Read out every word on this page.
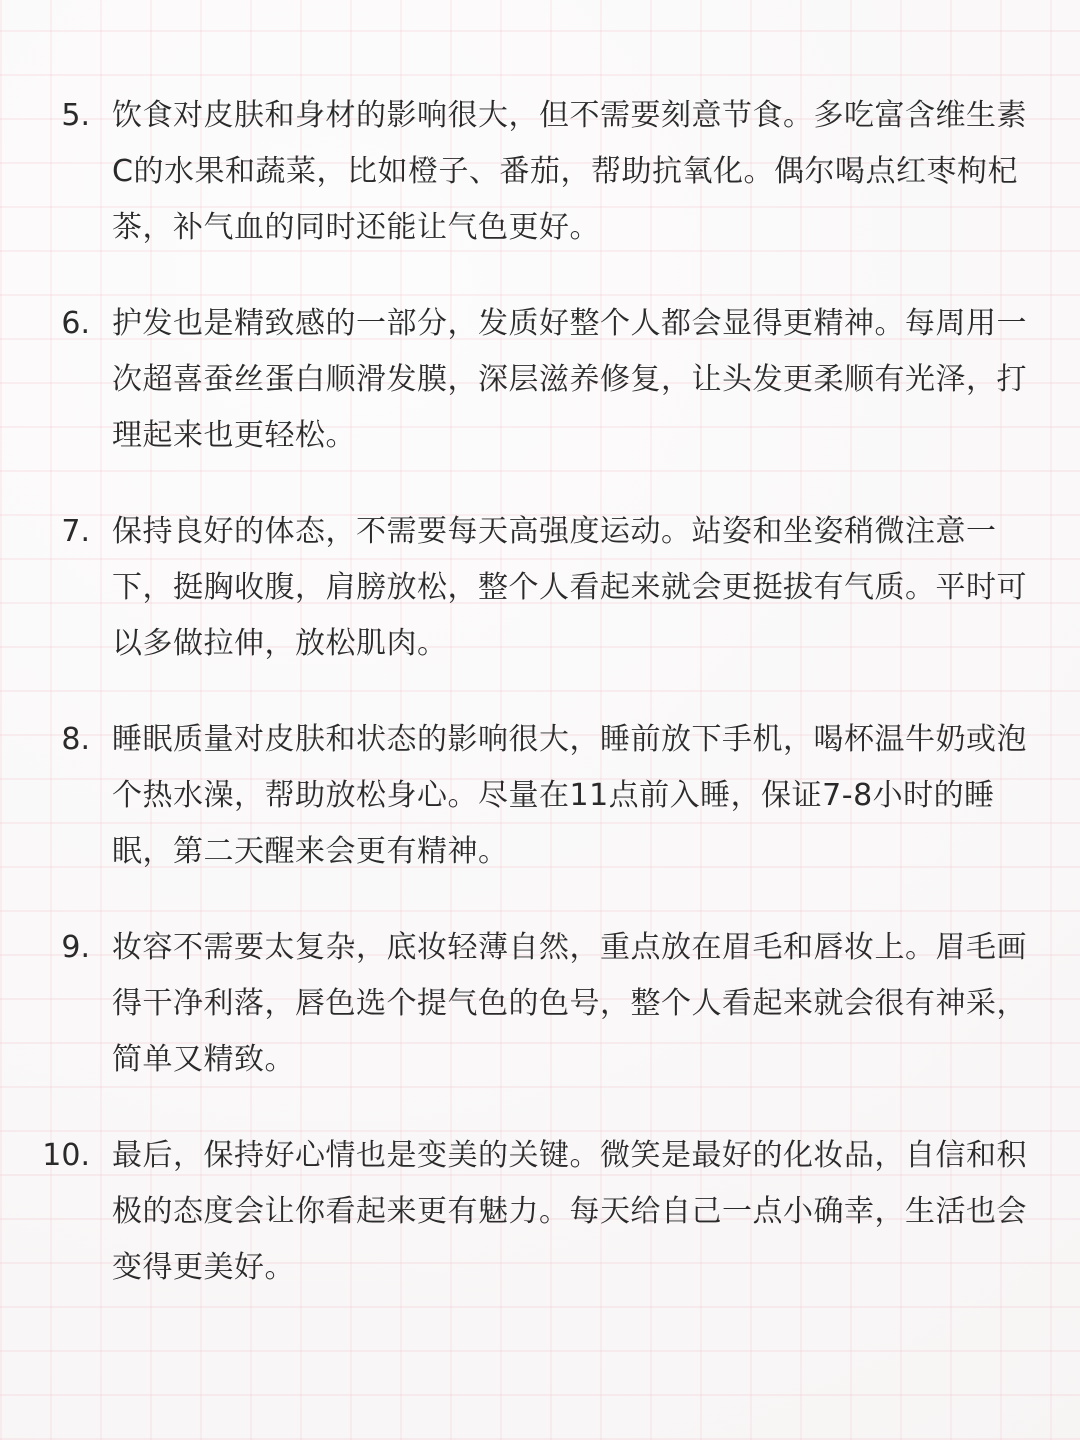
5. 饮食对皮肤和身材的影响很大，但不需要刻意节食。多吃富含维生素C的水果和蔬菜，比如橙子、番茄，帮助抗氧化。偶尔喝点红枣枸杞茶，补气血的同时还能让气色更好。
6. 护发也是精致感的一部分，发质好整个人都会显得更精神。每周用一次超喜蚕丝蛋白顺滑发膜，深层滋养修复，让头发更柔顺有光泽，打理起来也更轻松。
7. 保持良好的体态，不需要每天高强度运动。站姿和坐姿稍微注意一下，挺胸收腹，肩膀放松，整个人看起来就会更挺拔有气质。平时可以多做拉伸，放松肌肉。
8. 睡眠质量对皮肤和状态的影响很大，睡前放下手机，喝杯温牛奶或泡个热水澡，帮助放松身心。尽量在11点前入睡，保证7-8小时的睡眠，第二天醒来会更有精神。
9. 妆容不需要太复杂，底妆轻薄自然，重点放在眉毛和唇妆上。眉毛画得干净利落，唇色选个提气色的色号，整个人看起来就会很有神采，简单又精致。
10. 最后，保持好心情也是变美的关键。微笑是最好的化妆品，自信和积极的态度会让你看起来更有魅力。每天给自己一点小确幸，生活也会变得更美好。
